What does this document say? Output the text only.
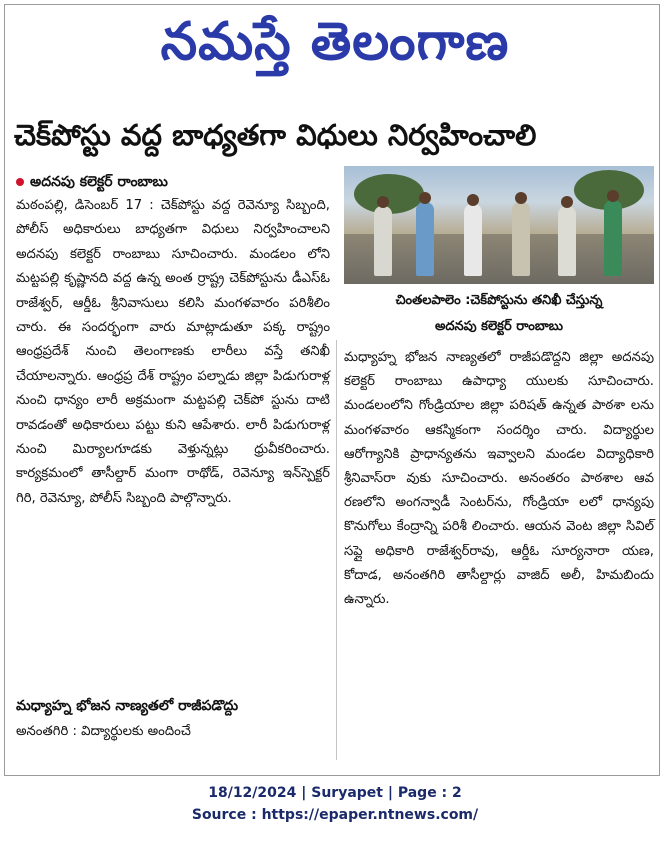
నమస్తే తెలంగాణ
చెక్‌పోస్టు వద్ద బాధ్యతగా విధులు నిర్వహించాలి
అదనపు కలెక్టర్ రాంబాబు

మఠంపల్లి, డిసెంబర్ 17 : చెక్‌పోస్టు వద్ద రెవెన్యూ సిబ్బంది, పోలీస్ అధికారులు బాధ్యతగా విధులు నిర్వహించాలని అదనపు కలెక్టర్ రాంబాబు సూచించారు. మండలం లోని మట్టపల్లి కృష్ణానది వద్ద ఉన్న అంత ర్రాష్ట్ర చెక్‌పోస్టును డీఎస్‌ఓ రాజేశ్వర్, ఆర్డీఓ శ్రీనివాసులు కలిసి మంగళవారం పరిశీలిం చారు. ఈ సందర్భంగా వారు మాట్లాడుతూ పక్క రాష్ట్రం ఆంధ్రప్రదేశ్ నుంచి తెలంగాణకు లారీలు వస్తే తనిఖీ చేయాలన్నారు. ఆంధ్రప్ర దేశ్ రాష్ట్రం పల్నాడు జిల్లా పిడుగురాళ్ల నుంచి ధాన్యం లారీ అక్రమంగా మట్టపల్లి చెక్‌పో స్టును దాటి రావడంతో అధికారులు పట్టు కుని ఆపేశారు. లారీ పిడుగురాళ్ల నుంచి మిర్యాలగూడకు వెళ్తున్నట్లు ధ్రువీకరించారు. కార్యక్రమంలో తాసీల్దార్ మంగా రాథోడ్, రెవెన్యూ ఇన్‌స్పెక్టర్ గిరి, రెవెన్యూ, పోలీస్ సిబ్బంది పాల్గొన్నారు.

మధ్యాహ్న భోజన నాణ్యతలో రాజీపడొద్దు
అనంతగిరి : విద్యార్థులకు అందించే
చింతలపాలెం :చెక్‌పోస్టును తనిఖీ చేస్తున్న
అదనపు కలెక్టర్ రాంబాబు

మధ్యాహ్న భోజన నాణ్యతలో రాజీపడొద్దని జిల్లా అదనపు కలెక్టర్ రాంబాబు ఉపాధ్యా యులకు సూచించారు. మండలంలోని గోండ్రియాల జిల్లా పరిషత్ ఉన్నత పాఠశా లను మంగళవారం ఆకస్మికంగా సందర్శిం చారు. విద్యార్థుల ఆరోగ్యానికి ప్రాధాన్యతను ఇవ్వాలని మండల విద్యాధికారి శ్రీనివాస్‌రా వుకు సూచించారు. అనంతరం పాఠశాల ఆవ రణలోని అంగన్వాడీ సెంటర్‌ను, గోండ్రియా లలో ధాన్యపు కొనుగోలు కేంద్రాన్ని పరిశీ లించారు. ఆయన వెంట జిల్లా సివిల్ సప్లై అధికారి రాజేశ్వర్‌రావు, ఆర్డీఓ సూర్యనారా యణ, కోదాడ, అనంతగిరి తాసీల్దార్లు వాజిద్ అలీ, హిమబిందు ఉన్నారు.

18/12/2024 | Suryapet | Page : 2
Source : https://epaper.ntnews.com/
